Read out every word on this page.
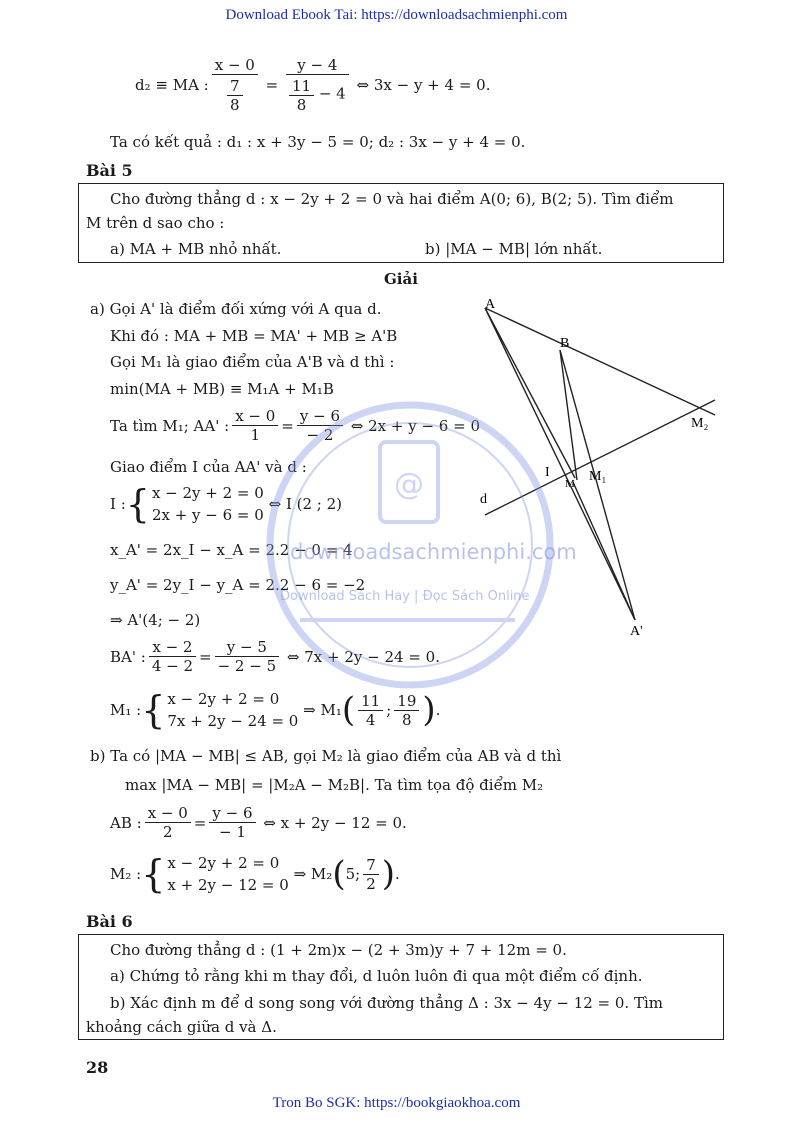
Download Ebook Tai: https://downloadsachmienphi.com
d₂ ≡ MA : $\frac{x - 0}{\frac{7}{8}} = \frac{y - 4}{\frac{11}{8} - 4}$
⇔ 3x − y + 4 = 0.
Ta có kết quả : d₁ : x + 3y − 5 = 0; d₂ : 3x − y + 4 = 0.
Bài 5
Cho đường thẳng d : x − 2y + 2 = 0 và hai điểm A(0; 6), B(2; 5). Tìm điểm
M trên d sao cho :
a) MA + MB nhỏ nhất.	b) |MA − MB| lớn nhất.
Giải
a) Gọi A' là điểm đối xứng với A qua d.
Khi đó : MA + MB = MA' + MB ≥ A'B
Gọi M₁ là giao điểm của A'B và d thì :
min(MA + MB) ≡ M₁A + M₁B
Ta tìm M₁; AA' : $\frac{x - 0}{1} = \frac{y - 6}{- 2}$
⇔ 2x + y − 6 = 0
Giao điểm I của AA' và d :
I : { x − 2y + 2 = 0
2x + y − 6 = 0

⇔ I (2 ; 2)
x_A' = 2x_I − x_A = 2.2 − 0 = 4
y_A' = 2y_I − y_A = 2.2 − 6 = −2
⇒ A'(4; − 2)
BA' : $\frac{x - 2}{4 - 2} = \frac{y - 5}{- 2 - 5}$
⇔ 7x + 2y − 24 = 0.
M₁ : { x − 2y + 2 = 0
7x + 2y − 24 = 0

⇒ M₁ ( $\frac{11}{4}$ ; $\frac{19}{8}$ ) .
b) Ta có |MA − MB| ≤ AB, gọi M₂ là giao điểm của AB và d thì
max |MA − MB| = |M₂A − M₂B|. Ta tìm tọa độ điểm M₂
AB : $\frac{x - 0}{2} = \frac{y - 6}{- 1}$
⇔ x + 2y − 12 = 0.
M₂ : { x − 2y + 2 = 0
x + 2y − 12 = 0

⇒ M₂ ( 5; $\frac{7}{2}$ ) .
A
B
M₂
I
M M₁
d
A'
Bài 6
Cho đường thẳng d : (1 + 2m)x − (2 + 3m)y + 7 + 12m = 0.
a) Chứng tỏ rằng khi m thay đổi, d luôn luôn đi qua một điểm cố định.
b) Xác định m để d song song với đường thẳng Δ : 3x − 4y − 12 = 0. Tìm
khoảng cách giữa d và Δ.
28
Tron Bo SGK: https://bookgiaokhoa.com
@
downloadsachmienphi.com
Download Sách Hay | Đọc Sách Online
